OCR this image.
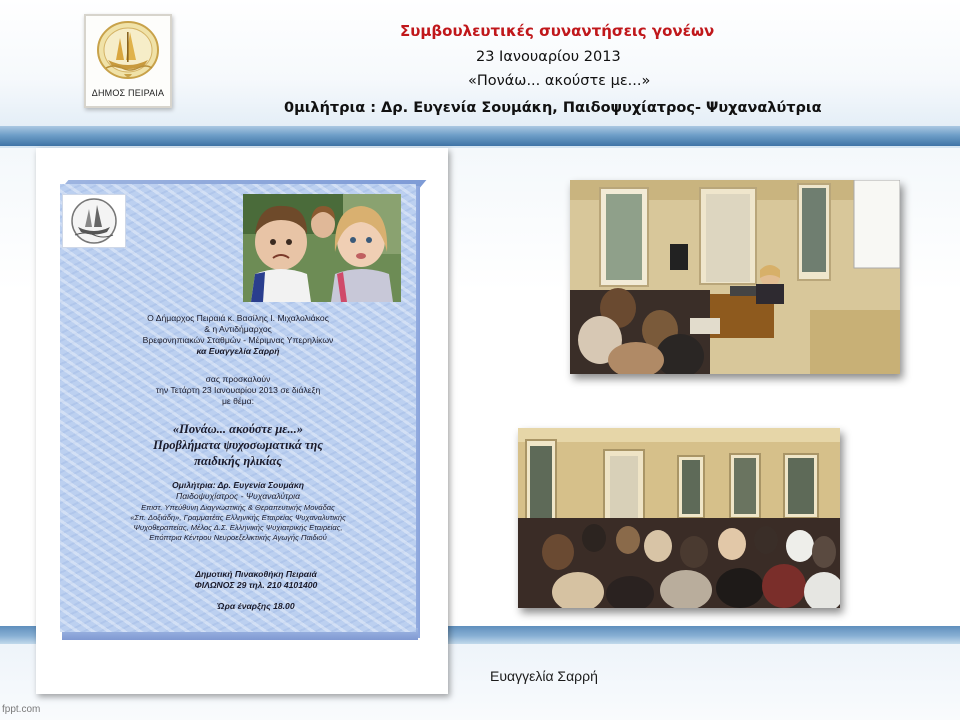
ΔΗΜΟΣ ΠΕΙΡΑΙΑ
Συμβουλευτικές συναντήσεις γονέων
23 Ιανουαρίου 2013
«Πονάω... ακούστε με...»
0μιλήτρια : Δρ. Ευγενία Σουμάκη, Παιδοψυχίατρος- Ψυχαναλύτρια
Ο Δήμαρχος Πειραιά κ. Βασίλης Ι. Μιχαλολιάκος
& η Αντιδήμαρχος
Βρεφονηπιακών Σταθμών - Μέριμνας Υπερηλίκων
κα Ευαγγελία Σαρρή
σας προσκαλούν
την Τετάρτη 23 Ιανουαρίου 2013 σε διάλεξη
με θέμα:
«Πονάω... ακούστε με...»
Προβλήματα ψυχοσωματικά της
παιδικής ηλικίας
Ομιλήτρια: Δρ. Ευγενία Σουμάκη
Παιδοψυχίατρος - Ψυχαναλύτρια
Επιστ. Υπεύθυνη Διαγνωστικής & Θεραπευτικής Μονάδας
«Σπ. Δοξιάδη», Γραμματέας Ελληνικής Εταιρείας Ψυχαναλυτικής
Ψυχοθεραπείας, Μέλος Δ.Σ. Ελληνικής Ψυχιατρικής Εταιρείας,
Επόπτρια Κέντρου Νευροεξελικτικής Αγωγής Παιδιού
Δημοτική Πινακοθήκη Πειραιά
ΦΙΛΩΝΟΣ 29 τηλ. 210 4101400
Ώρα έναρξης 18.00
Ευαγγελία Σαρρή
fppt.com
